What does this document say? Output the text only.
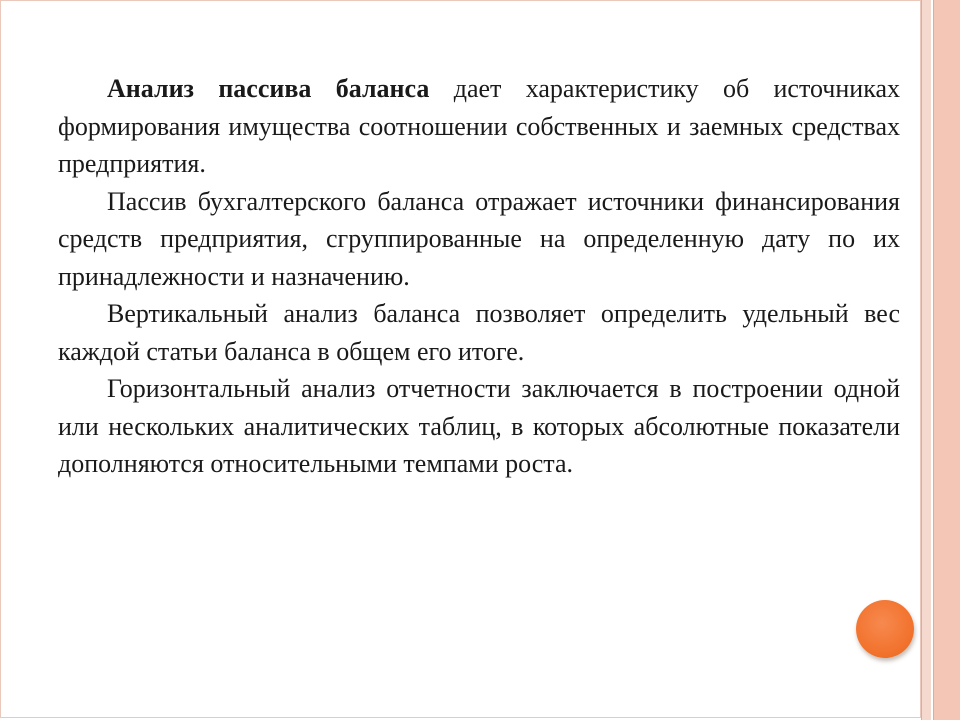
Анализ пассива баланса дает характеристику об источниках формирования имущества соотношении собственных и заемных средствах предприятия.

Пассив бухгалтерского баланса отражает источники финансирования средств предприятия, сгруппированные на определенную дату по их принадлежности и назначению.

Вертикальный анализ баланса позволяет определить удельный вес каждой статьи баланса в общем его итоге.

Горизонтальный анализ отчетности заключается в построении одной или нескольких аналитических таблиц, в которых абсолютные показатели дополняются относительными темпами роста.
